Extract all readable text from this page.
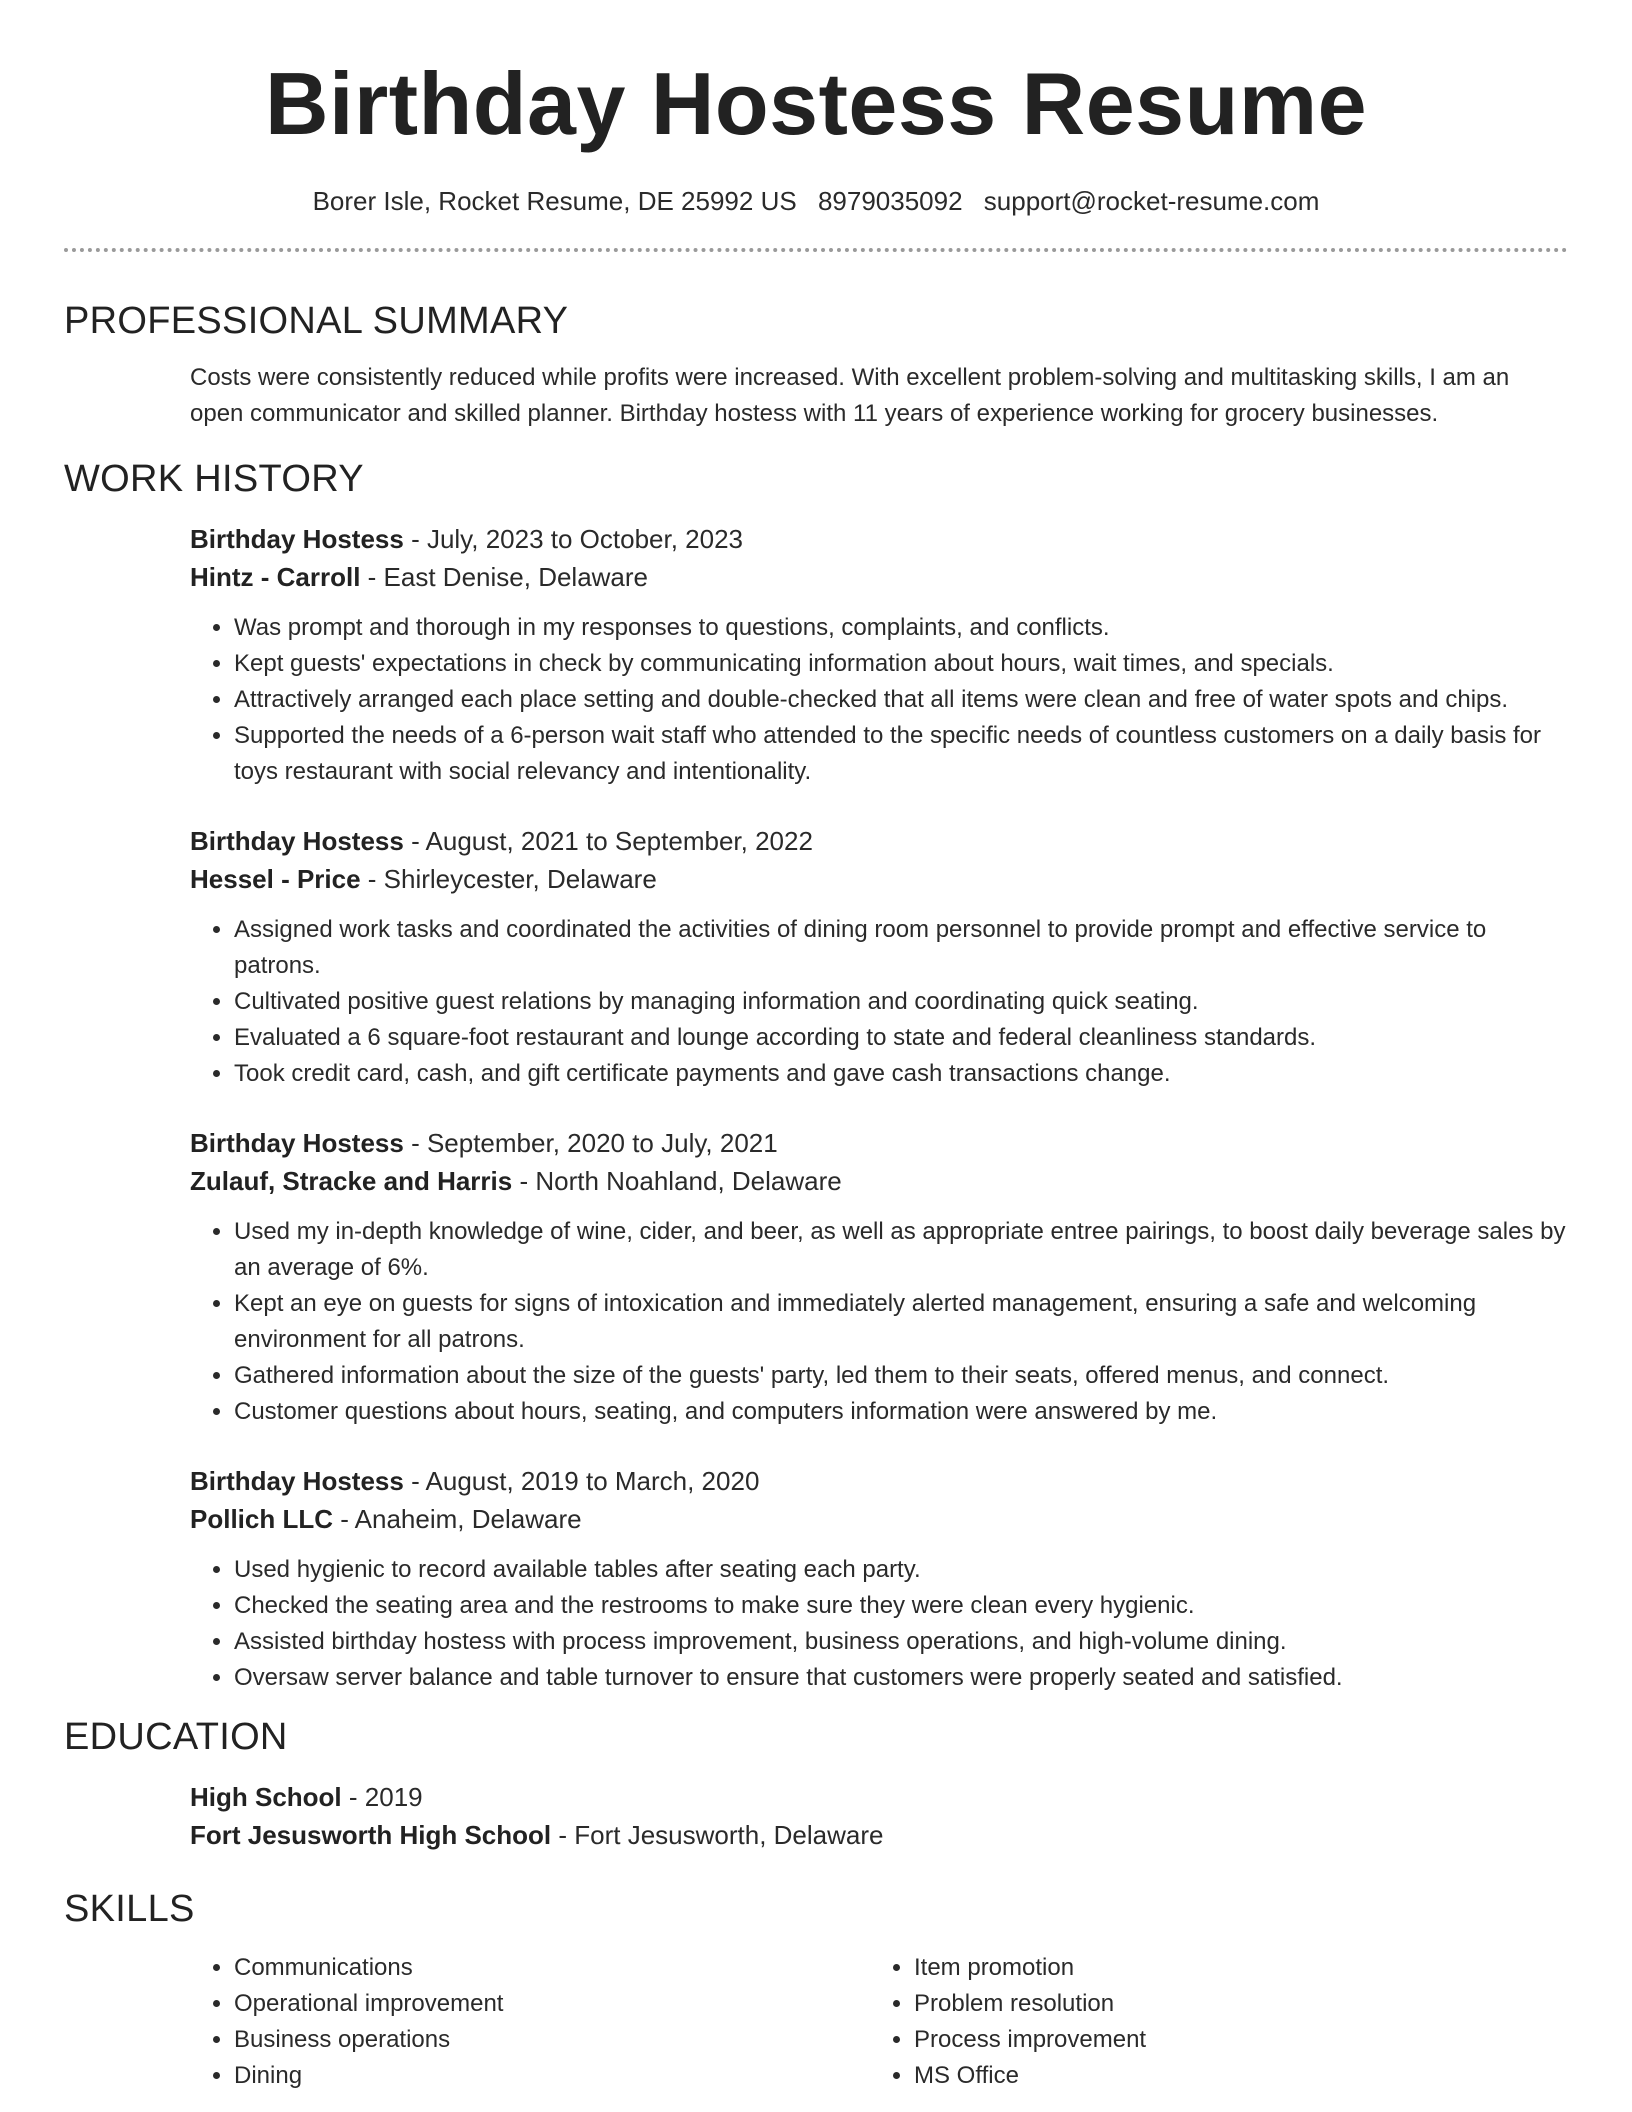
Birthday Hostess Resume
Borer Isle, Rocket Resume, DE 25992 US 8979035092 support@rocket-resume.com
PROFESSIONAL SUMMARY

Costs were consistently reduced while profits were increased. With excellent problem-solving and multitasking skills, I am an open communicator and skilled planner. Birthday hostess with 11 years of experience working for grocery businesses.

WORK HISTORY
Birthday Hostess - July, 2023 to October, 2023
Hintz - Carroll - East Denise, Delaware
• Was prompt and thorough in my responses to questions, complaints, and conflicts.
• Kept guests' expectations in check by communicating information about hours, wait times, and specials.
• Attractively arranged each place setting and double-checked that all items were clean and free of water spots and chips.
• Supported the needs of a 6-person wait staff who attended to the specific needs of countless customers on a daily basis for toys restaurant with social relevancy and intentionality.
Birthday Hostess - August, 2021 to September, 2022
Hessel - Price - Shirleycester, Delaware
• Assigned work tasks and coordinated the activities of dining room personnel to provide prompt and effective service to patrons.
• Cultivated positive guest relations by managing information and coordinating quick seating.
• Evaluated a 6 square-foot restaurant and lounge according to state and federal cleanliness standards.
• Took credit card, cash, and gift certificate payments and gave cash transactions change.
Birthday Hostess - September, 2020 to July, 2021
Zulauf, Stracke and Harris - North Noahland, Delaware
• Used my in-depth knowledge of wine, cider, and beer, as well as appropriate entree pairings, to boost daily beverage sales by an average of 6%.
• Kept an eye on guests for signs of intoxication and immediately alerted management, ensuring a safe and welcoming environment for all patrons.
• Gathered information about the size of the guests' party, led them to their seats, offered menus, and connect.
• Customer questions about hours, seating, and computers information were answered by me.
Birthday Hostess - August, 2019 to March, 2020
Pollich LLC - Anaheim, Delaware
• Used hygienic to record available tables after seating each party.
• Checked the seating area and the restrooms to make sure they were clean every hygienic.
• Assisted birthday hostess with process improvement, business operations, and high-volume dining.
• Oversaw server balance and table turnover to ensure that customers were properly seated and satisfied.
EDUCATION
High School - 2019
Fort Jesusworth High School - Fort Jesusworth, Delaware
SKILLS
• Communications
• Operational improvement
• Business operations
• Dining
• Item promotion
• Problem resolution
• Process improvement
• MS Office
